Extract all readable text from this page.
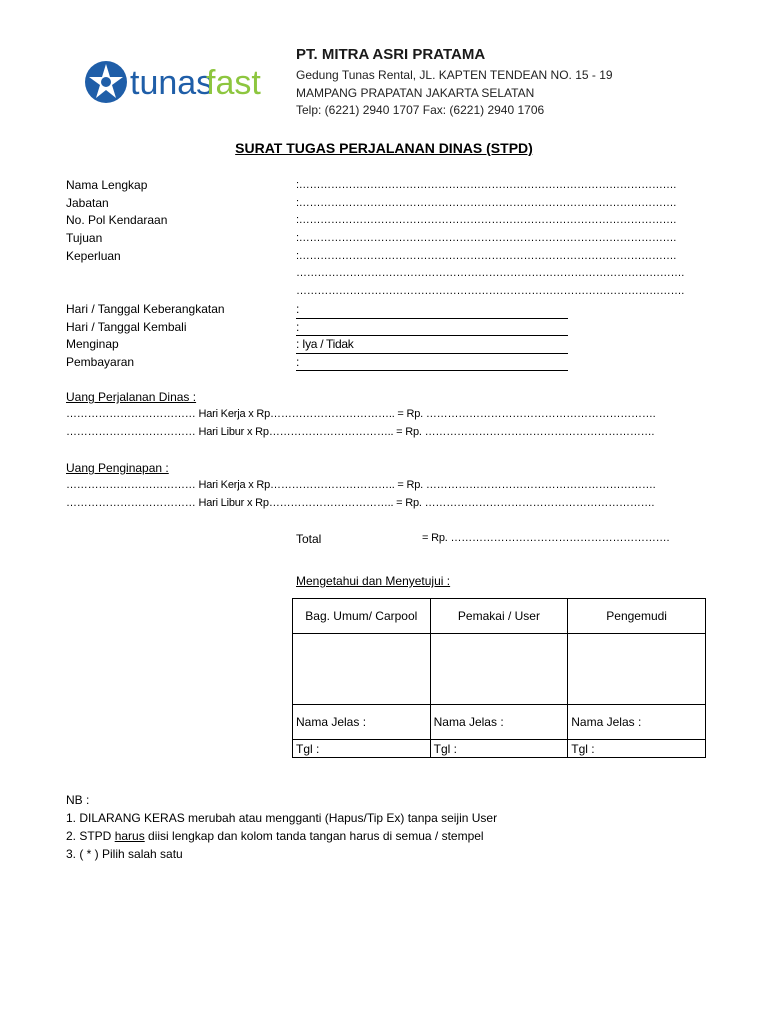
tunas
fast
PT. MITRA ASRI PRATAMA
Gedung Tunas Rental, JL. KAPTEN TENDEAN NO. 15 - 19
MAMPANG PRAPATAN JAKARTA SELATAN
Telp: (6221) 2940 1707 Fax: (6221) 2940 1706
SURAT TUGAS PERJALANAN DINAS (STPD)
Nama Lengkap	:…………………………………………………………………………………………….
Jabatan	:…………………………………………………………………………………………….
No. Pol Kendaraan	:…………………………………………………………………………………………….
Tujuan	:…………………………………………………………………………………………….
Keperluan	:…………………………………………………………………………………………….
……………………………………………………………………………………………….
……………………………………………………………………………………………….
Hari / Tanggal Keberangkatan	:
Hari / Tanggal Kembali	:
Menginap	: Iya / Tidak
Pembayaran	:
Uang Perjalanan Dinas :
……………………………… Hari Kerja x Rp…………………………….. = Rp. ……………………………………………………….
……………………………… Hari Libur x Rp…………………………….. = Rp. ……………………………………………………….
Uang Penginapan :
……………………………… Hari Kerja x Rp…………………………….. = Rp. ……………………………………………………….
……………………………… Hari Libur x Rp…………………………….. = Rp. ……………………………………………………….
Total	= Rp. …………………………………………………….
Mengetahui dan Menyetujui :
Bag. Umum/ Carpool	Pemakai / User	Pengemudi

Nama Jelas :	Nama Jelas :	Nama Jelas :
Tgl :	Tgl :	Tgl :
NB :
1. DILARANG KERAS merubah atau mengganti (Hapus/Tip Ex) tanpa seijin User
2. STPD harus diisi lengkap dan kolom tanda tangan harus di semua / stempel
3. ( * ) Pilih salah satu
